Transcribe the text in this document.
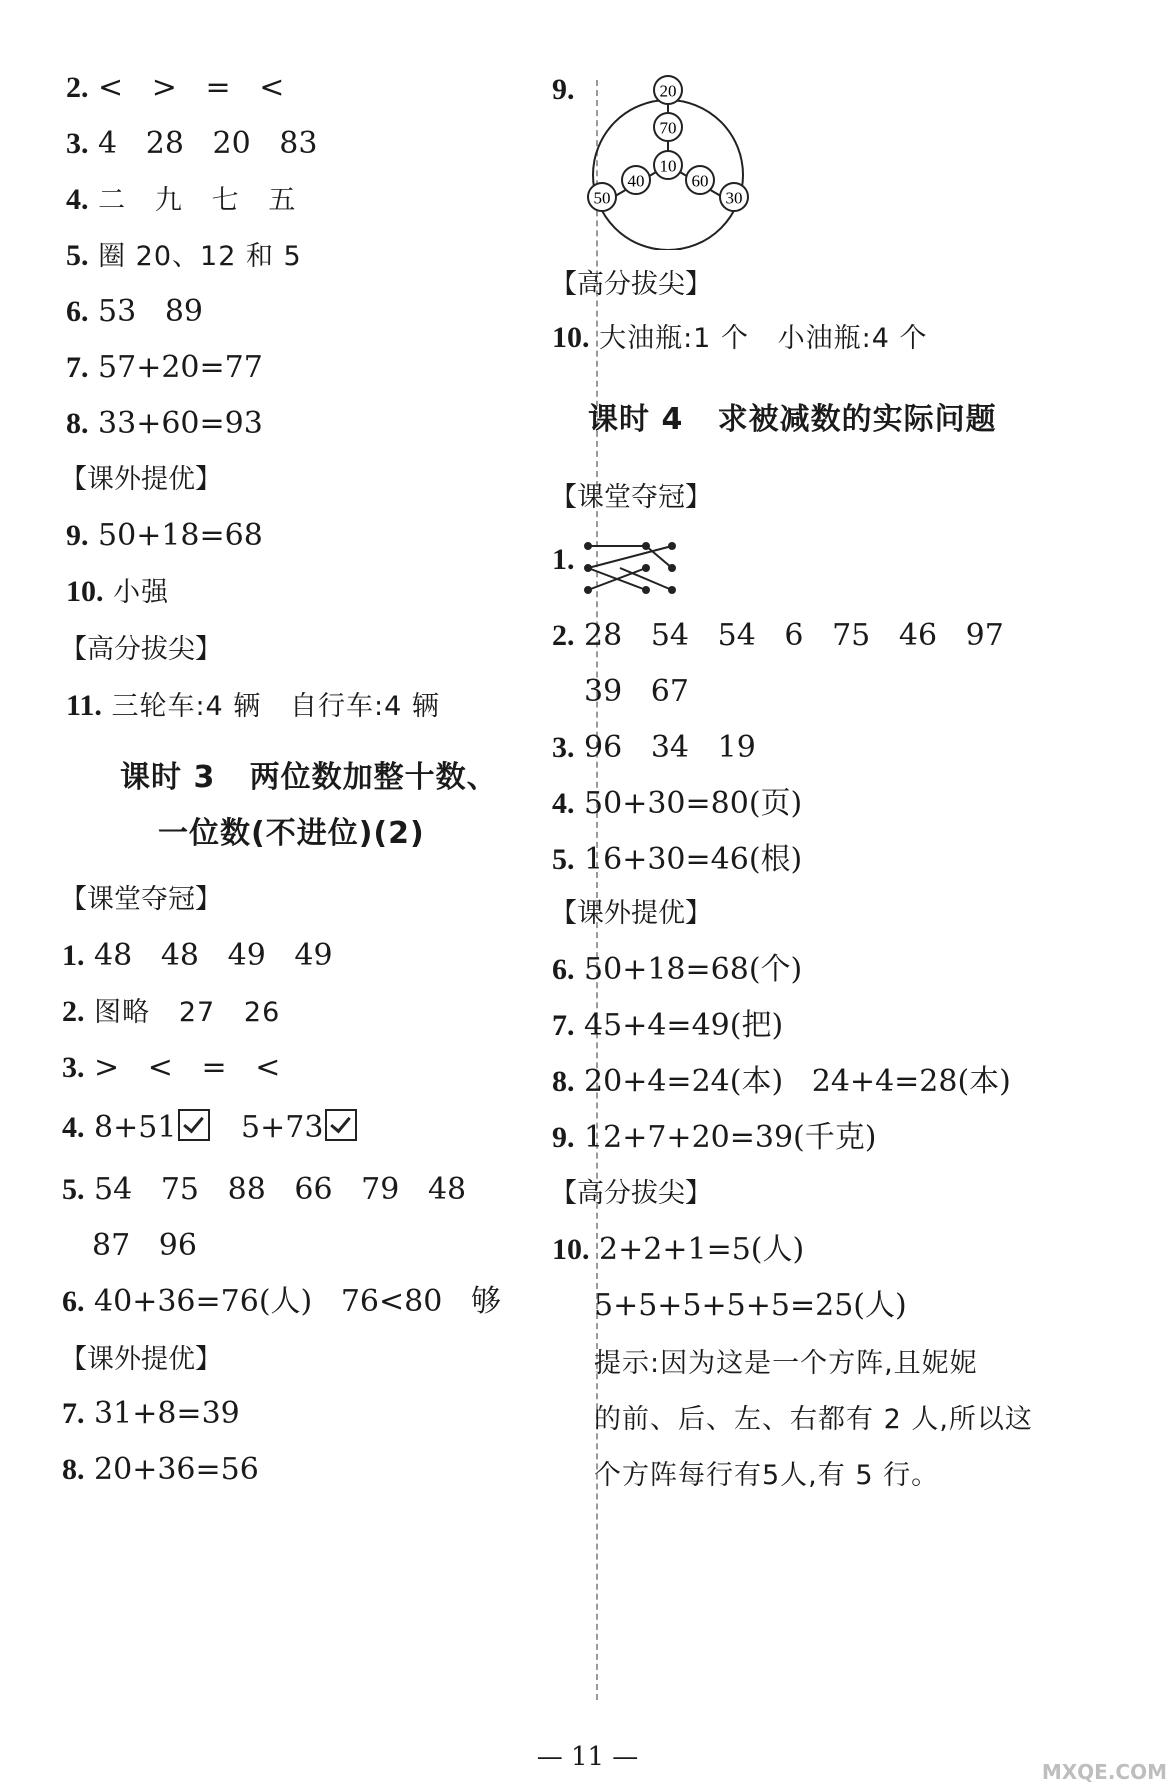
2. <   >   =   <
3. 4   28   20   83
4. 二   九   七   五
5. 圈 20、12 和 5
6. 53   89
7. 57+20=77
8. 33+60=93
【课外提优】
9. 50+18=68
10. 小强
【高分拔尖】
11. 三轮车:4 辆   自行车:4 辆
课时 3   两位数加整十数、
一位数(不进位)(2)
【课堂夺冠】
1. 48   48   49   49
2. 图略   27   26
3. >   <   =   <
4. 8+51   5+73
5. 54   75   88   66   79   48
87   96
6. 40+36=76(人)   76<80   够
【课外提优】
7. 31+8=39
8. 20+36=56
9.	20
70
10
40	60
50	30
【高分拔尖】
10. 大油瓶:1 个   小油瓶:4 个
课时 4   求被减数的实际问题
【课堂夺冠】
1.
2. 28   54   54   6   75   46   97
39   67
3. 96   34   19
4. 50+30=80(页)
5. 16+30=46(根)
【课外提优】
6. 50+18=68(个)
7. 45+4=49(把)
8. 20+4=24(本)   24+4=28(本)
9. 12+7+20=39(千克)
【高分拔尖】
10. 2+2+1=5(人)
5+5+5+5+5=25(人)
提示:因为这是一个方阵,且妮妮
的前、后、左、右都有 2 人,所以这
个方阵每行有5人,有 5 行。
— 11 —	MXQE.COM
